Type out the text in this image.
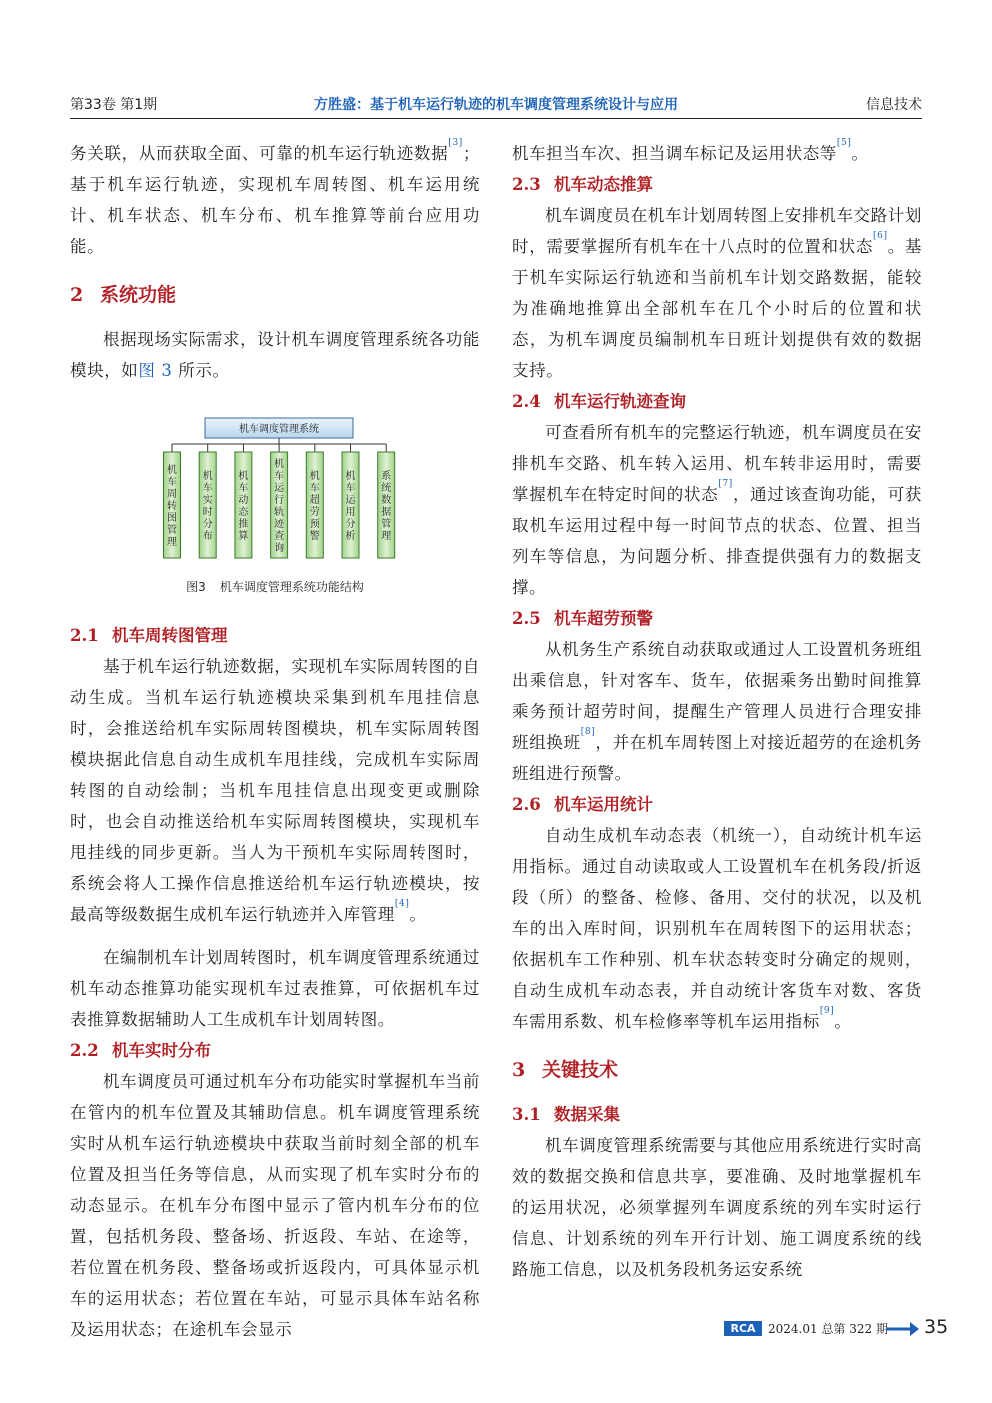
第33卷 第1期	方胜盛：基于机车运行轨迹的机车调度管理系统设计与应用	信息技术

务关联，从而获取全面、可靠的机车运行轨迹数据[3]；基于机车运行轨迹，实现机车周转图、机车运用统计、机车状态、机车分布、机车推算等前台应用功能。

2 系统功能

根据现场实际需求，设计机车调度管理系统各功能模块，如图 3 所示。

机车调度管理系统
机
车
周
转
图
管
理
机
车
实
时
分
布
机
车
动
态
推
算
机
车
运
行
轨
迹
查
询
机
车
超
劳
预
警
机
车
运
用
分
析
系
统
数
据
管
理
图3 机车调度管理系统功能结构
2.1 机车周转图管理

基于机车运行轨迹数据，实现机车实际周转图的自动生成。当机车运行轨迹模块采集到机车甩挂信息时，会推送给机车实际周转图模块，机车实际周转图模块据此信息自动生成机车甩挂线，完成机车实际周转图的自动绘制；当机车甩挂信息出现变更或删除时，也会自动推送给机车实际周转图模块，实现机车甩挂线的同步更新。当人为干预机车实际周转图时，系统会将人工操作信息推送给机车运行轨迹模块，按最高等级数据生成机车运行轨迹并入库管理[4]。

在编制机车计划周转图时，机车调度管理系统通过机车动态推算功能实现机车过表推算，可依据机车过表推算数据辅助人工生成机车计划周转图。

2.2 机车实时分布

机车调度员可通过机车分布功能实时掌握机车当前在管内的机车位置及其辅助信息。机车调度管理系统实时从机车运行轨迹模块中获取当前时刻全部的机车位置及担当任务等信息，从而实现了机车实时分布的动态显示。在机车分布图中显示了管内机车分布的位置，包括机务段、整备场、折返段、车站、在途等，若位置在机务段、整备场或折返段内，可具体显示机车的运用状态；若位置在车站，可显示具体车站名称及运用状态；在途机车会显示

机车担当车次、担当调车标记及运用状态等[5]。

2.3 机车动态推算

机车调度员在机车计划周转图上安排机车交路计划时，需要掌握所有机车在十八点时的位置和状态[6]。基于机车实际运行轨迹和当前机车计划交路数据，能较为准确地推算出全部机车在几个小时后的位置和状态，为机车调度员编制机车日班计划提供有效的数据支持。

2.4 机车运行轨迹查询

可查看所有机车的完整运行轨迹，机车调度员在安排机车交路、机车转入运用、机车转非运用时，需要掌握机车在特定时间的状态[7]，通过该查询功能，可获取机车运用过程中每一时间节点的状态、位置、担当列车等信息，为问题分析、排查提供强有力的数据支撑。

2.5 机车超劳预警

从机务生产系统自动获取或通过人工设置机务班组出乘信息，针对客车、货车，依据乘务出勤时间推算乘务预计超劳时间，提醒生产管理人员进行合理安排班组换班[8]，并在机车周转图上对接近超劳的在途机务班组进行预警。

2.6 机车运用统计

自动生成机车动态表（机统一），自动统计机车运用指标。通过自动读取或人工设置机车在机务段/折返段（所）的整备、检修、备用、交付的状况，以及机车的出入库时间，识别机车在周转图下的运用状态；依据机车工作种别、机车状态转变时分确定的规则，自动生成机车动态表，并自动统计客货车对数、客货车需用系数、机车检修率等机车运用指标[9]。

3 关键技术
3.1 数据采集

机车调度管理系统需要与其他应用系统进行实时高效的数据交换和信息共享，要准确、及时地掌握机车的运用状况，必须掌握列车调度系统的列车实时运行信息、计划系统的列车开行计划、施工调度系统的线路施工信息，以及机务段机务运安系统

RCA	2024.01 总第 322 期 35
